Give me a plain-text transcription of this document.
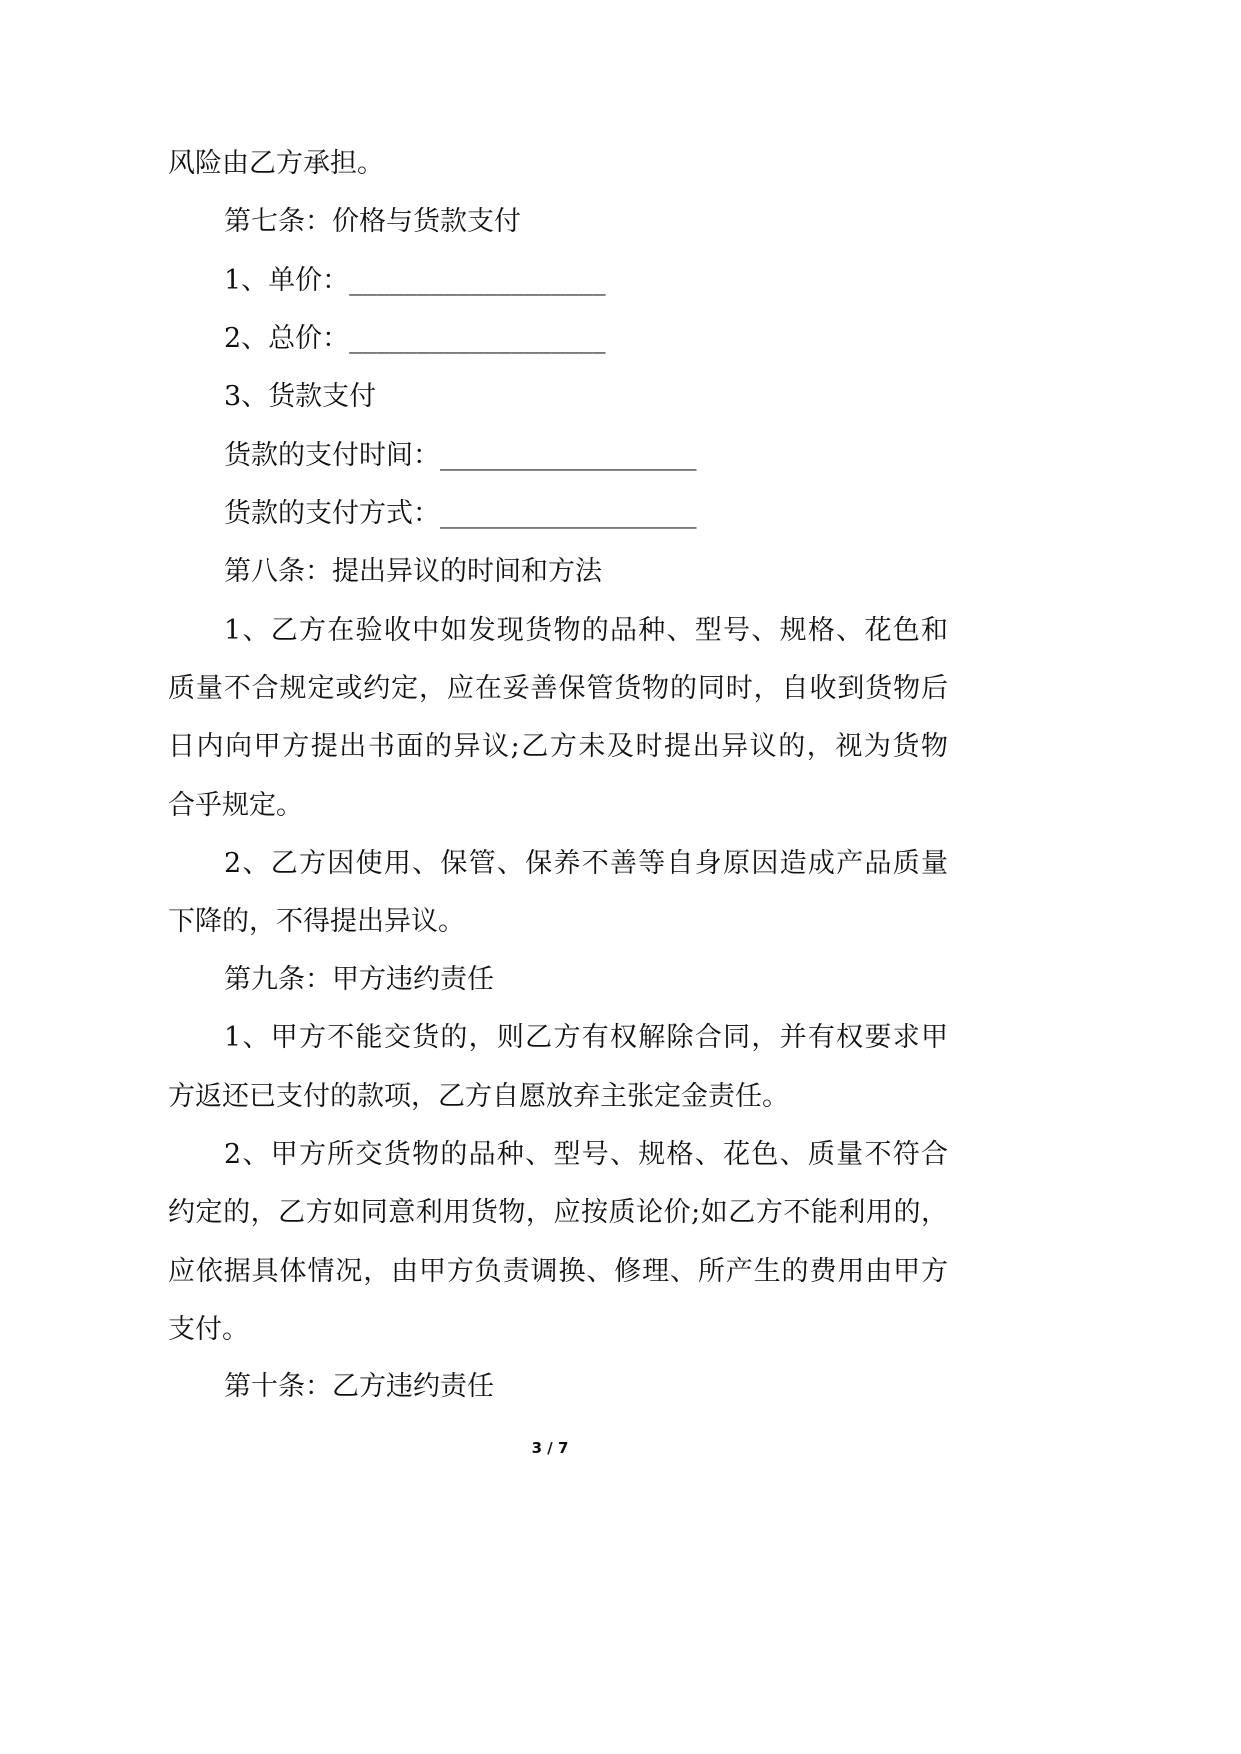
风险由乙方承担。
第七条：价格与货款支付
1、单价：___________________
2、总价：___________________
3、货款支付
货款的支付时间：___________________
货款的支付方式：___________________
第八条：提出异议的时间和方法
1、乙方在验收中如发现货物的品种、型号、规格、花色和
质量不合规定或约定，应在妥善保管货物的同时，自收到货物后
日内向甲方提出书面的异议;乙方未及时提出异议的，视为货物
合乎规定。
2、乙方因使用、保管、保养不善等自身原因造成产品质量
下降的，不得提出异议。
第九条：甲方违约责任
1、甲方不能交货的，则乙方有权解除合同，并有权要求甲
方返还已支付的款项，乙方自愿放弃主张定金责任。
2、甲方所交货物的品种、型号、规格、花色、质量不符合
约定的，乙方如同意利用货物，应按质论价;如乙方不能利用的，
应依据具体情况，由甲方负责调换、修理、所产生的费用由甲方
支付。
第十条：乙方违约责任
3 / 7
